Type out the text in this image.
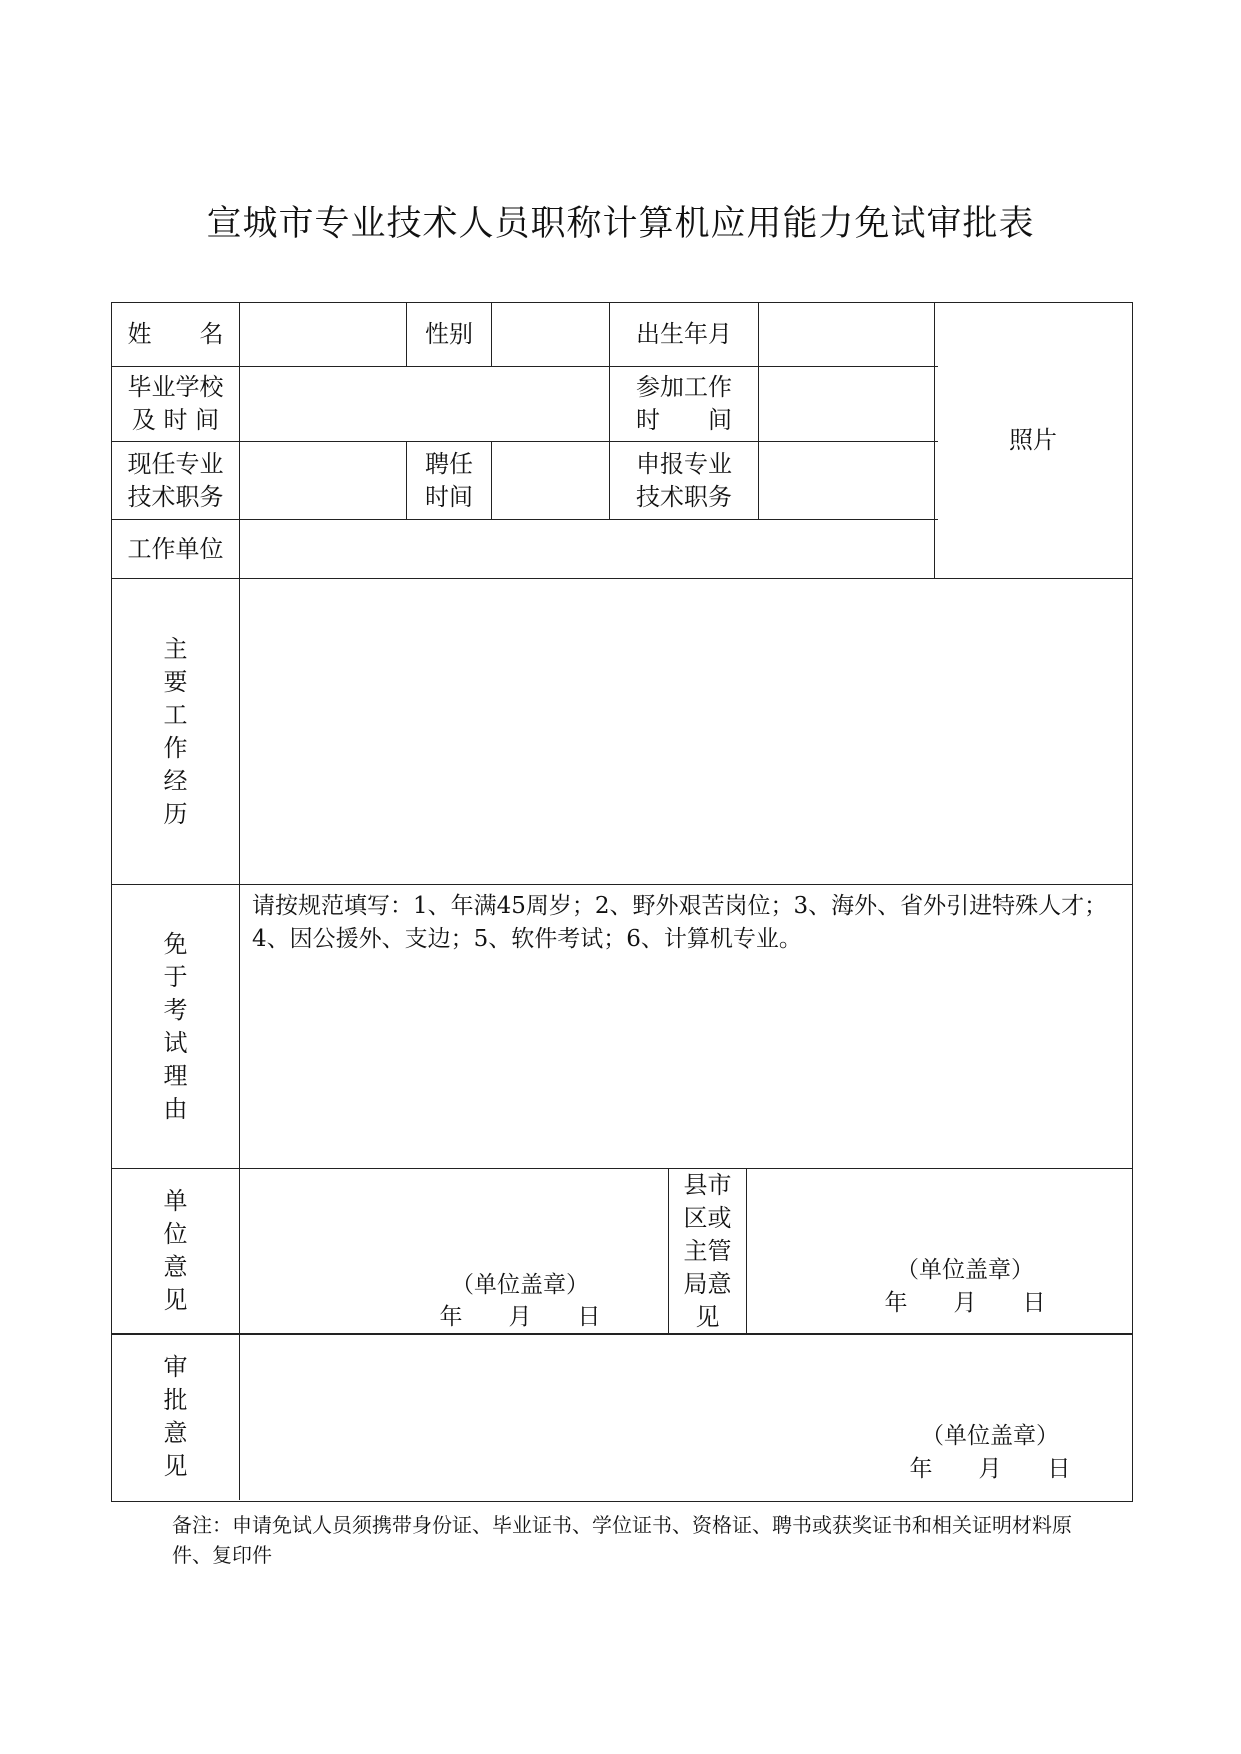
宣城市专业技术人员职称计算机应用能力免试审批表
姓　　名	性别	出生年月
照片
毕业学校
及 时 间
参加工作
时　　间
现任专业
技术职务
聘任
时间
申报专业
技术职务
工作单位
主
要
工
作
经
历
免
于
考
试
理
由
请按规范填写：1、年满45周岁；2、野外艰苦岗位；3、海外、省外引进特殊人才；4、因公援外、支边；5、软件考试；6、计算机专业。
单
位
意
见
（单位盖章）
年　　月　　日
县市
区或
主管
局意
见
（单位盖章）
年　　月　　日
审
批
意
见
（单位盖章）
年　　月　　日
备注：申请免试人员须携带身份证、毕业证书、学位证书、资格证、聘书或获奖证书和相关证明材料原件、复印件
